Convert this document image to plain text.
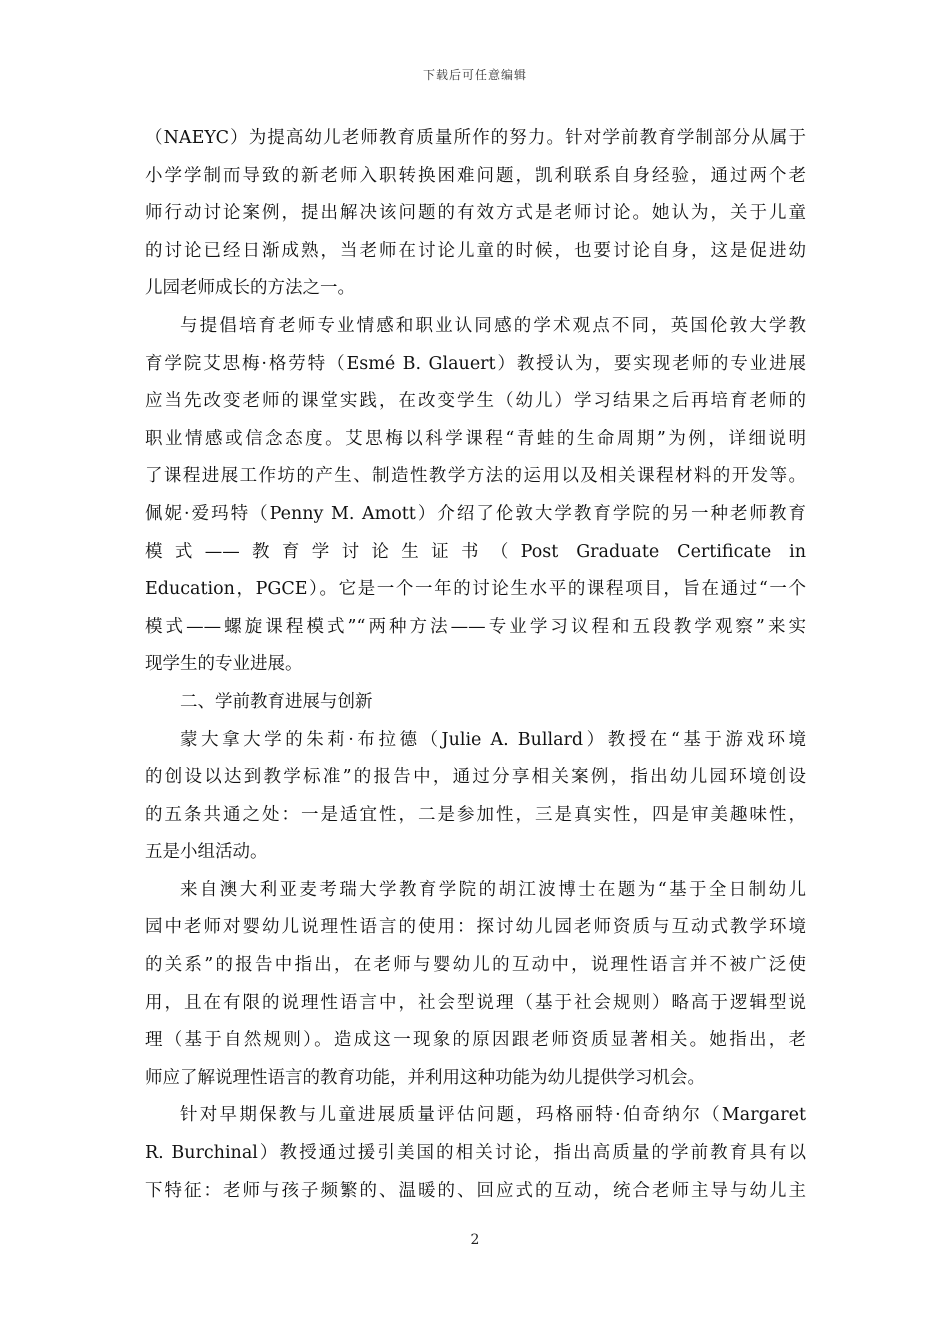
下载后可任意编辑
（NAEYC）为提高幼儿老师教育质量所作的努力。针对学前教育学制部分从属于
小学学制而导致的新老师入职转换困难问题，凯利联系自身经验，通过两个老
师行动讨论案例，提出解决该问题的有效方式是老师讨论。她认为，关于儿童
的讨论已经日渐成熟，当老师在讨论儿童的时候，也要讨论自身，这是促进幼
儿园老师成长的方法之一。
与提倡培育老师专业情感和职业认同感的学术观点不同，英国伦敦大学教
育学院艾思梅·格劳特（Esmé B. Glauert）教授认为，要实现老师的专业进展
应当先改变老师的课堂实践，在改变学生（幼儿）学习结果之后再培育老师的
职业情感或信念态度。艾思梅以科学课程“青蛙的生命周期”为例，详细说明
了课程进展工作坊的产生、制造性教学方法的运用以及相关课程材料的开发等。
佩妮·爱玛特（Penny M. Amott）介绍了伦敦大学教育学院的另一种老师教育
模式——教育学讨论生证书（Post Graduate Certificate in
Education，PGCE）。它是一个一年的讨论生水平的课程项目，旨在通过“一个
模式——螺旋课程模式”“两种方法——专业学习议程和五段教学观察”来实
现学生的专业进展。
二、学前教育进展与创新
蒙大拿大学的朱莉·布拉德（Julie A. Bullard）教授在“基于游戏环境
的创设以达到教学标准”的报告中，通过分享相关案例，指出幼儿园环境创设
的五条共通之处：一是适宜性，二是参加性，三是真实性，四是审美趣味性，
五是小组活动。
来自澳大利亚麦考瑞大学教育学院的胡江波博士在题为“基于全日制幼儿
园中老师对婴幼儿说理性语言的使用：探讨幼儿园老师资质与互动式教学环境
的关系”的报告中指出，在老师与婴幼儿的互动中，说理性语言并不被广泛使
用，且在有限的说理性语言中，社会型说理（基于社会规则）略高于逻辑型说
理（基于自然规则）。造成这一现象的原因跟老师资质显著相关。她指出，老
师应了解说理性语言的教育功能，并利用这种功能为幼儿提供学习机会。
针对早期保教与儿童进展质量评估问题，玛格丽特·伯奇纳尔（Margaret
R. Burchinal）教授通过援引美国的相关讨论，指出高质量的学前教育具有以
下特征：老师与孩子频繁的、温暖的、回应式的互动，统合老师主导与幼儿主
2
